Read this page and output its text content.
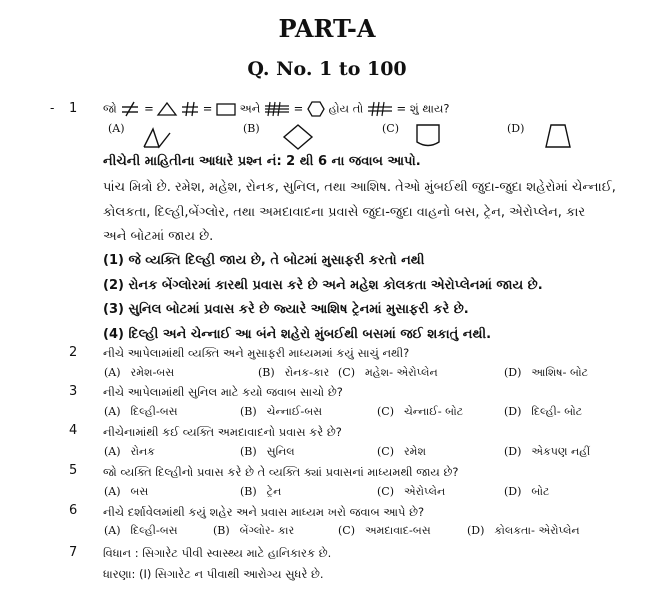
PART-A
Q. No. 1 to 100
- 1 જો =	= અને	= હોય તો	= શું થાય?
(A)	(B)	(C)	(D)
નીચેની માહિતીના આધારે પ્રશ્ન નં: 2 થી 6 ના જવાબ આપો.
પાંચ મિત્રો છે. રમેશ, મહેશ, રોનક, સુનિલ, તથા આશિષ. તેઓ મુંબઈથી જુદા-જુદા શહેરોમાં ચેન્નાઈ,
કોલકતા, દિલ્હી,બેંગ્લોર, તથા અમદાવાદના પ્રવાસે જુદા-જુદા વાહનો બસ, ટ્રેન, એરોપ્લેન, કાર
અને બોટમાં જાય છે.
(1) જે વ્યક્તિ દિલ્હી જાય છે, તે બોટમાં મુસાફરી કરતો નથી
(2) રોનક બેંગ્લોરમાં કારથી પ્રવાસ કરે છે અને મહેશ કોલકતા એરોપ્લેનમાં જાય છે.
(3) સુનિલ બોટમાં પ્રવાસ કરે છે જ્યારે આશિષ ટ્રેનમાં મુસાફરી કરે છે.
(4) દિલ્હી અને ચેન્નાઈ આ બંને શહેરો મુંબઈથી બસમાં જઈ શકાતું નથી.
2 નીચે આપેલામાંથી વ્યક્તિ અને મુસાફરી માધ્યમમાં કયું સાચું નથી?
(A) રમેશ-બસ	(B) રોનક-કાર (C) મહેશ- એરોપ્લેન	(D) આશિષ- બોટ
3 નીચે આપેલામાંથી સુનિલ માટે કયો જવાબ સાચો છે?
(A) દિલ્હી-બસ	(B) ચેન્નાઈ-બસ	(C) ચેન્નાઈ- બોટ	(D) દિલ્હી- બોટ
4 નીચેનામાંથી કઈ વ્યક્તિ અમદાવાદનો પ્રવાસ કરે છે?
(A) રોનક	(B) સુનિલ	(C) રમેશ	(D) એકપણ નહીં
5 જો વ્યક્તિ દિલ્હીનો પ્રવાસ કરે છે તે વ્યક્તિ ક્યાં પ્રવાસનાં માધ્યમથી જાય છે?
(A) બસ	(B) ટ્રેન	(C) એરોપ્લેન	(D) બોટ
6 નીચે દર્શાવેલમાંથી કયું શહેર અને પ્રવાસ માધ્યમ ખરો જવાબ આપે છે?
(A) દિલ્હી-બસ	(B) બેંગ્લોર- કાર	(C) અમદાવાદ-બસ	(D) કોલકતા- એરોપ્લેન
7 વિધાન : સિગારેટ પીવી સ્વાસ્થ્ય માટે હાનિકારક છે.
ધારણા: (I) સિગારેટ ન પીવાથી આરોગ્ય સુધરે છે.
